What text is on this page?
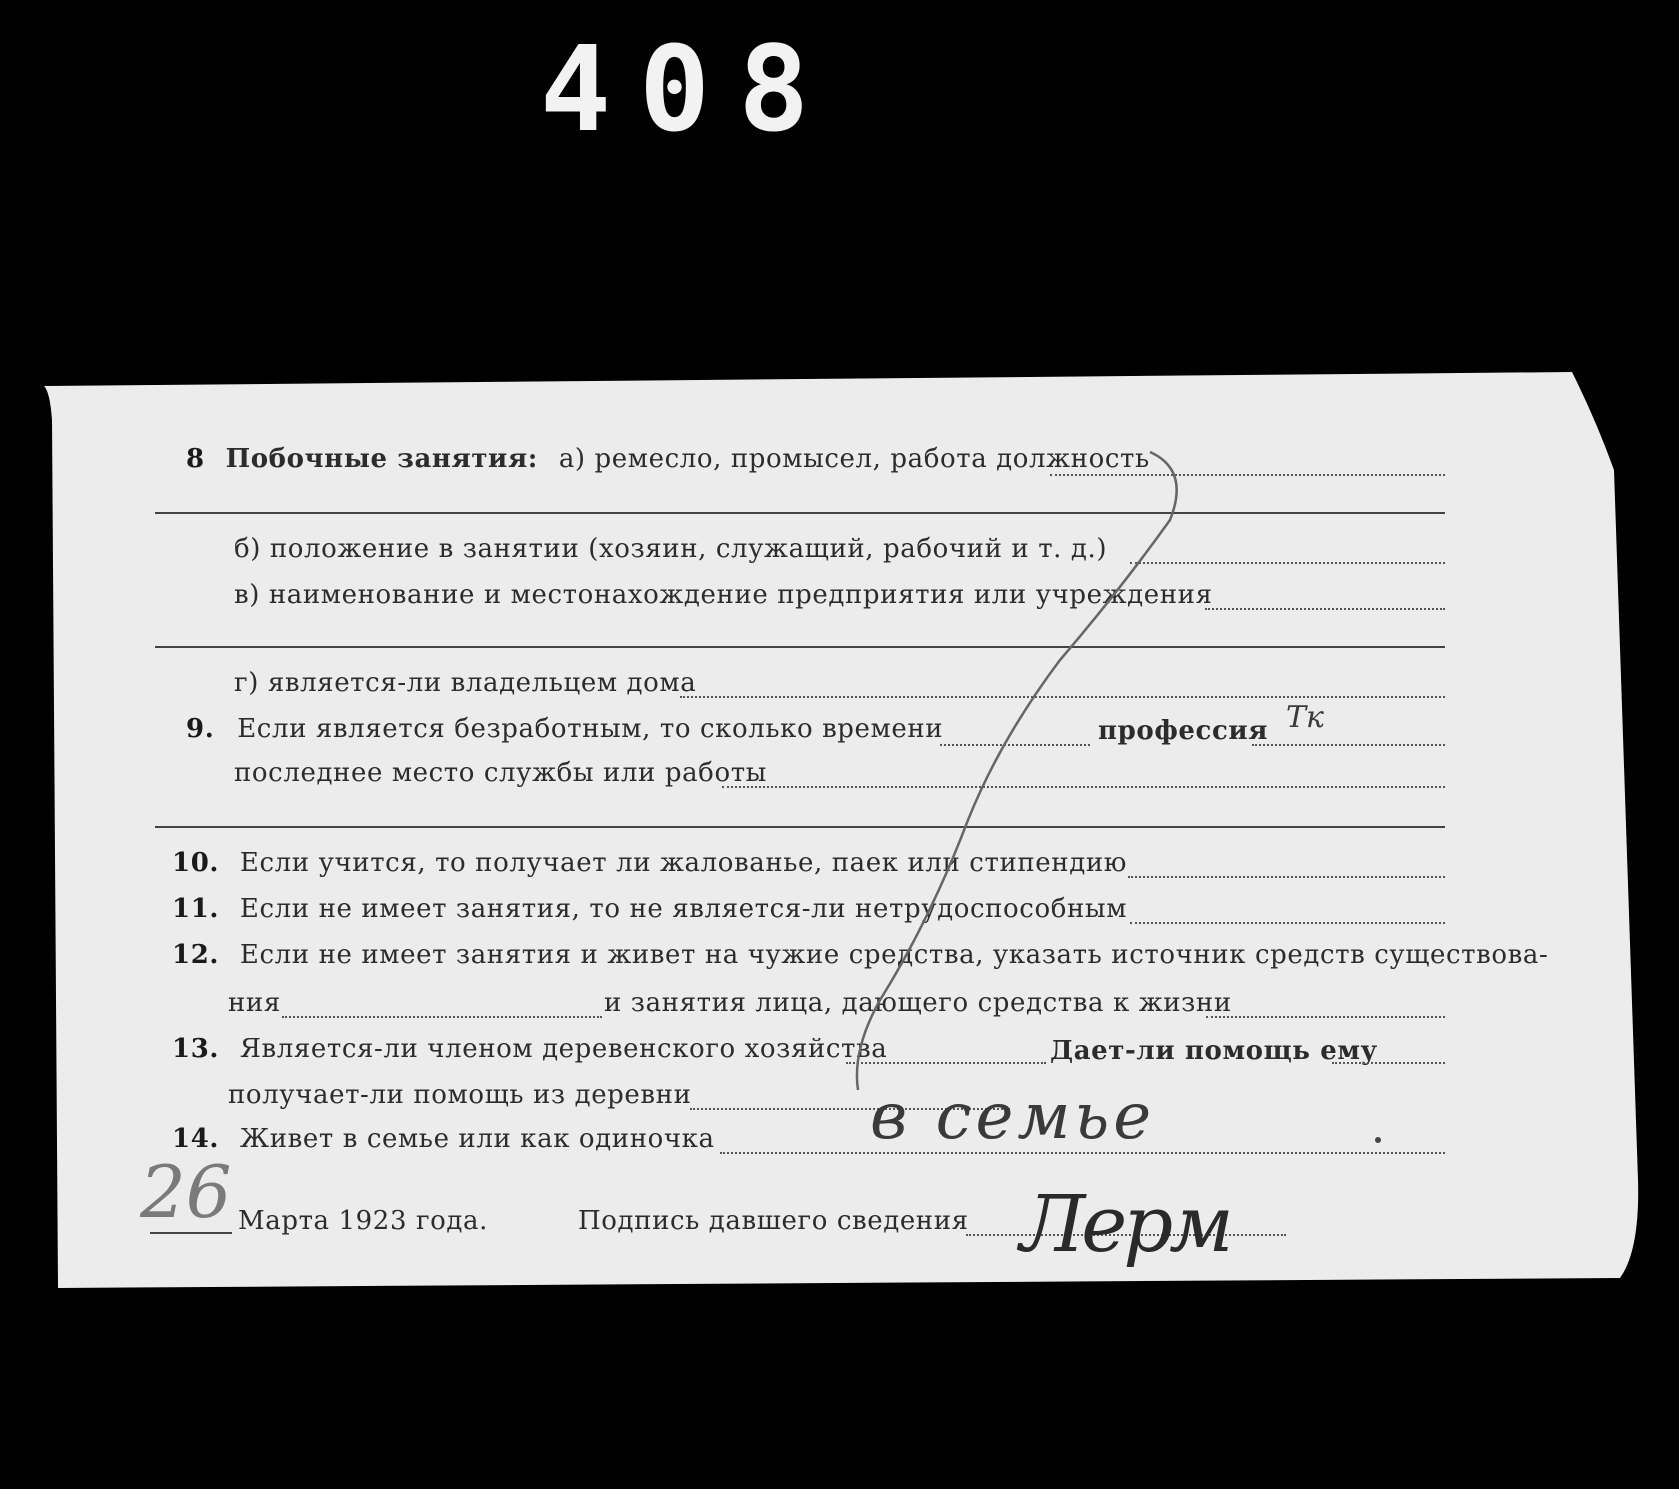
408
8 Побочные занятия: а) ремесло, промысел, работа должность
б) положение в занятии (хозяин, служащий, рабочий и т. д.)
в) наименование и местонахождение предприятия или учреждения
г) является-ли владельцем дома
9. Если является безработным, то сколько времени	профессия
последнее место службы или работы
10. Если учится, то получает ли жалованье, паек или стипендию
11. Если не имеет занятия, то не является-ли нетрудоспособным
12. Если не имеет занятия и живет на чужие средства, указать источник средств существова-
ния	и занятия лица, дающего средства к жизни
13. Является-ли членом деревенского хозяйства	Дает-ли помощь ему
получает-ли помощь из деревни
14. Живет в семье или как одиночка
Марта 1923 года.	Подпись давшего сведения
Тк
26
в семье
Лерм
